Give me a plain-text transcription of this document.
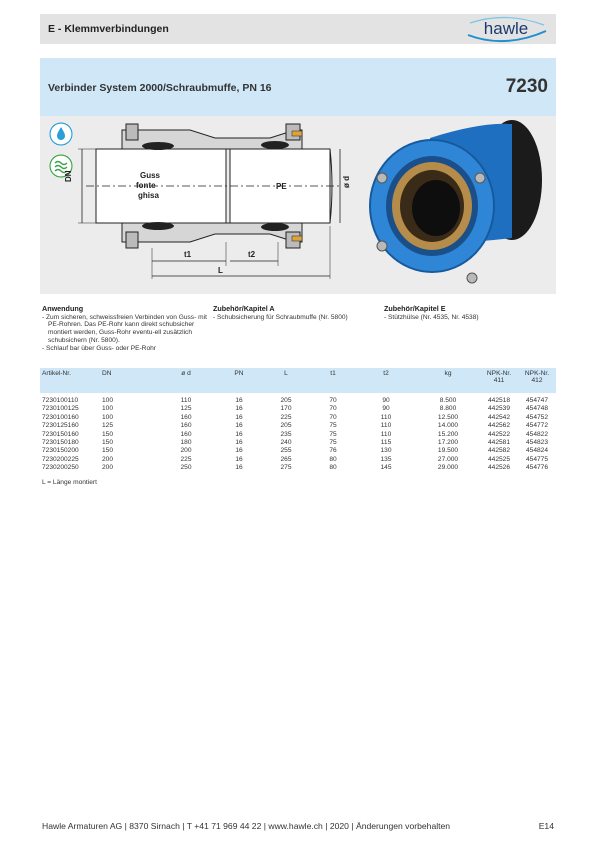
E - Klemmverbindungen	hawle
Verbinder System 2000/Schraubmuffe, PN 16	7230
DN	ø d
Guss
fonte
ghisa
PE
t1	t2
L
Anwendung
- Zum sicheren, schweissfreien Verbinden von Guss- mit PE-Rohren. Das PE-Rohr kann direkt schubsicher montiert werden, Guss-Rohr eventu-ell zusätzlich schubsichern (Nr. 5800).
- Schlauf bar über Guss- oder PE-Rohr
Zubehör/Kapitel A
- Schubsicherung für Schraubmuffe (Nr. 5800)
Zubehör/Kapitel E
- Stützhülse (Nr. 4535, Nr. 4538)
Artikel-Nr.	DN	ø d	PN	L	t1	t2	kg	NPK-Nr. 411	NPK-Nr. 412
7230100110	100	110	16	205	70	90	8.500	442518	454747
7230100125	100	125	16	170	70	90	8.800	442539	454748
7230100160	100	160	16	225	70	110	12.500	442542	454752
7230125160	125	160	16	205	75	110	14.000	442562	454772
7230150160	150	160	16	235	75	110	15.200	442522	454822
7230150180	150	180	16	240	75	115	17.200	442581	454823
7230150200	150	200	16	255	76	130	19.500	442582	454824
7230200225	200	225	16	265	80	135	27.000	442525	454775
7230200250	200	250	16	275	80	145	29.000	442526	454776
L = Länge montiert
Hawle Armaturen AG | 8370 Sirnach | T +41 71 969 44 22 | www.hawle.ch | 2020 | Änderungen vorbehalten	E14
